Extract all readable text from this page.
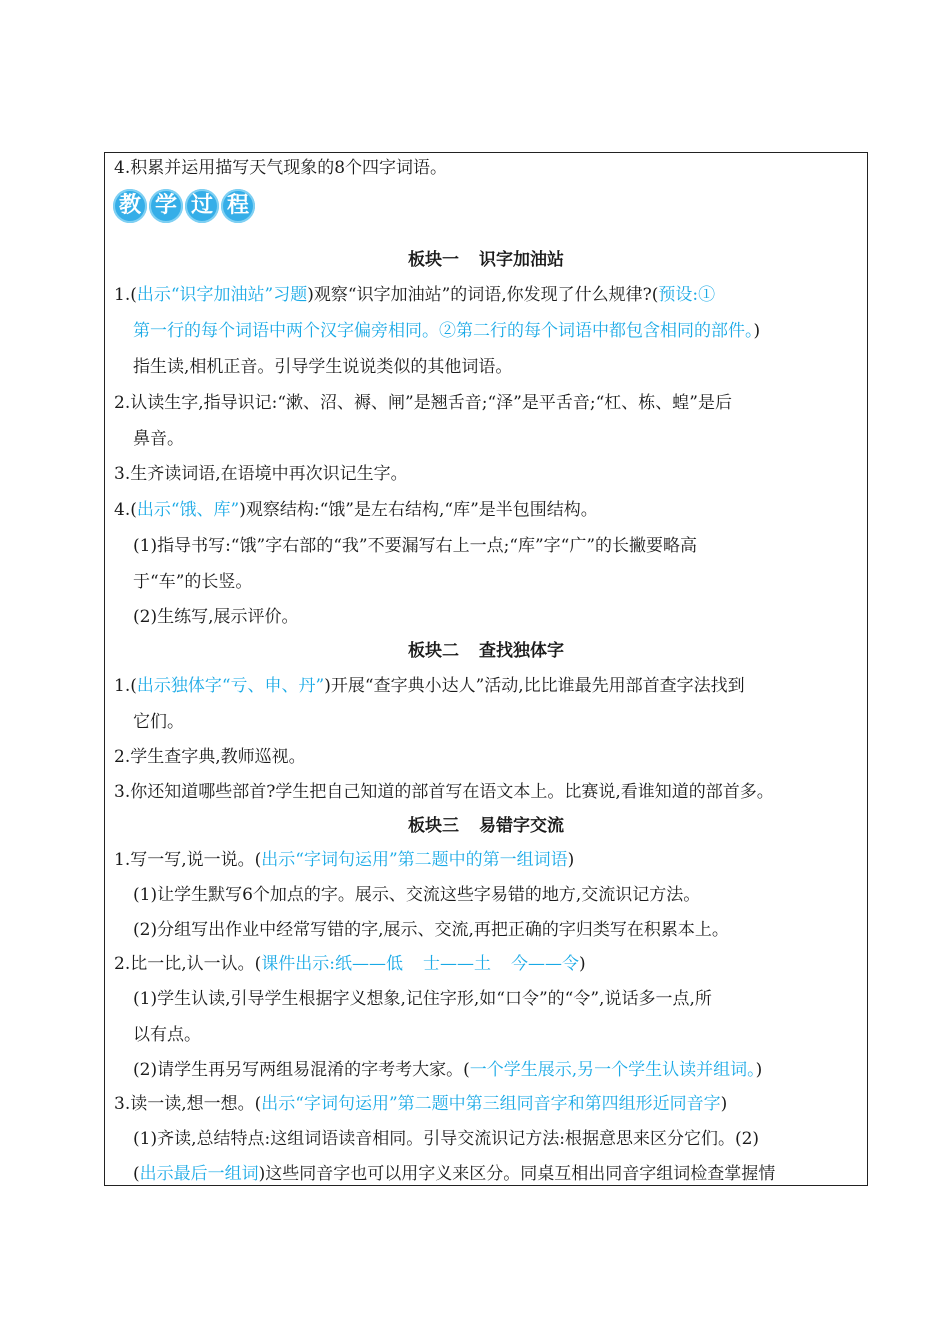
4.积累并运用描写天气现象的8个四字词语。
教 学 过 程
板块一 识字加油站
1.(出示“识字加油站”习题)观察“识字加油站”的词语,你发现了什么规律?(预设:①
第一行的每个词语中两个汉字偏旁相同。②第二行的每个词语中都包含相同的部件。)
指生读,相机正音。引导学生说说类似的其他词语。
2.认读生字,指导识记:“漱、沼、褥、闸”是翘舌音;“泽”是平舌音;“杠、栋、蝗”是后
鼻音。
3.生齐读词语,在语境中再次识记生字。
4.(出示“饿、库”)观察结构:“饿”是左右结构,“库”是半包围结构。
(1)指导书写:“饿”字右部的“我”不要漏写右上一点;“库”字“广”的长撇要略高
于“车”的长竖。
(2)生练写,展示评价。
板块二 查找独体字
1.(出示独体字“亏、申、丹”)开展“查字典小达人”活动,比比谁最先用部首查字法找到
它们。
2.学生查字典,教师巡视。
3.你还知道哪些部首?学生把自己知道的部首写在语文本上。比赛说,看谁知道的部首多。
板块三 易错字交流
1.写一写,说一说。(出示“字词句运用”第二题中的第一组词语)
(1)让学生默写6个加点的字。展示、交流这些字易错的地方,交流识记方法。
(2)分组写出作业中经常写错的字,展示、交流,再把正确的字归类写在积累本上。
2.比一比,认一认。(课件出示:纸——低 士——土 今——令)
(1)学生认读,引导学生根据字义想象,记住字形,如“口令”的“令”,说话多一点,所
以有点。
(2)请学生再另写两组易混淆的字考考大家。(一个学生展示,另一个学生认读并组词。)
3.读一读,想一想。(出示“字词句运用”第二题中第三组同音字和第四组形近同音字)
(1)齐读,总结特点:这组词语读音相同。引导交流识记方法:根据意思来区分它们。(2)
(出示最后一组词)这些同音字也可以用字义来区分。同桌互相出同音字组词检查掌握情
